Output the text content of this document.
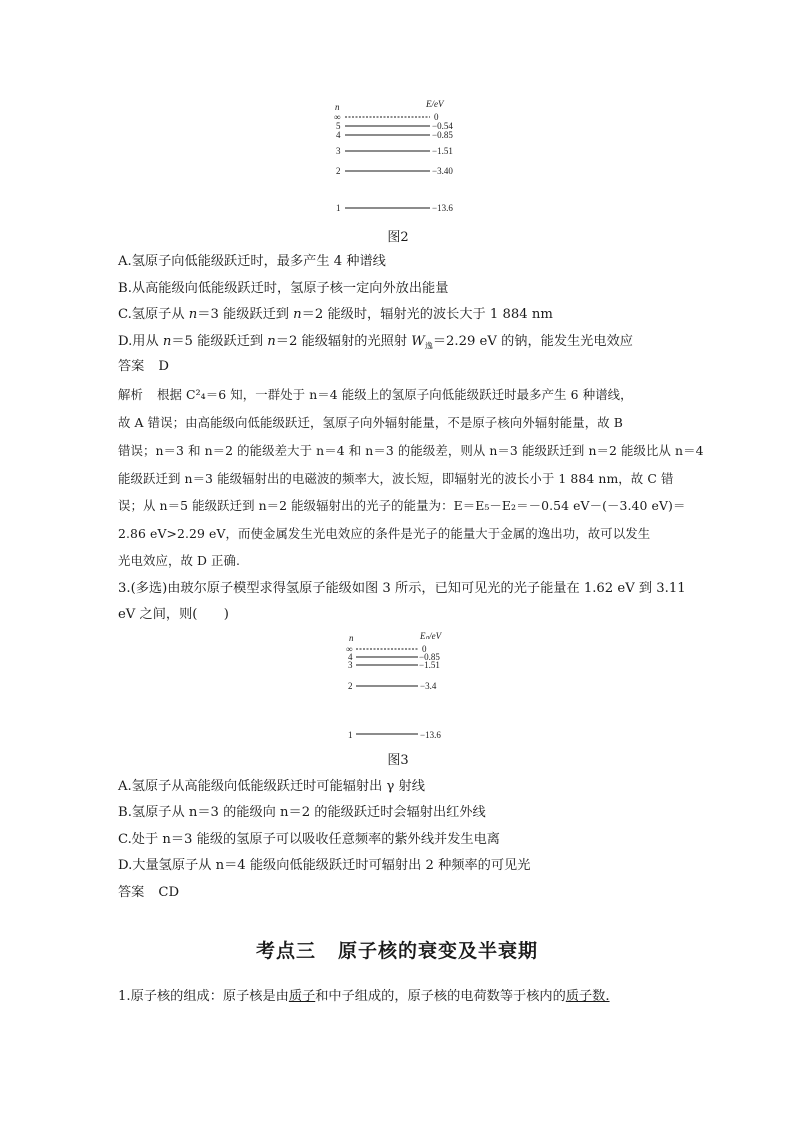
n	E/eV
∞	0
5	−0.54
4	−0.85
3	−1.51
2	−3.40
1	−13.6
图2
A.氢原子向低能级跃迁时，最多产生 4 种谱线
B.从高能级向低能级跃迁时，氢原子核一定向外放出能量
C.氢原子从 n＝3 能级跃迁到 n＝2 能级时，辐射光的波长大于 1 884 nm
D.用从 n＝5 能级跃迁到 n＝2 能级辐射的光照射 $W_逸=2.29$ eV 的钠，能发生光电效应
答案 D
解析 根据 C²₄＝6 知，一群处于 n＝4 能级上的氢原子向低能级跃迁时最多产生 6 种谱线，
故 A 错误；由高能级向低能级跃迁，氢原子向外辐射能量，不是原子核向外辐射能量，故 B
错误；n＝3 和 n＝2 的能级差大于 n＝4 和 n＝3 的能级差，则从 n＝3 能级跃迁到 n＝2 能级比从 n＝4
能级跃迁到 n＝3 能级辐射出的电磁波的频率大，波长短，即辐射光的波长小于 1 884 nm，故 C 错
误；从 n＝5 能级跃迁到 n＝2 能级辐射出的光子的能量为：E＝E₅－E₂＝－0.54 eV－(－3.40 eV)＝
2.86 eV>2.29 eV，而使金属发生光电效应的条件是光子的能量大于金属的逸出功，故可以发生
光电效应，故 D 正确.
3.(多选)由玻尔原子模型求得氢原子能级如图 3 所示，已知可见光的光子能量在 1.62 eV 到 3.11
eV 之间，则(　　)
n	Eₙ/eV
∞	0
4	−0.85
3	−1.51
2	−3.4
1	−13.6
图3
A.氢原子从高能级向低能级跃迁时可能辐射出 γ 射线
B.氢原子从 n＝3 的能级向 n＝2 的能级跃迁时会辐射出红外线
C.处于 n＝3 能级的氢原子可以吸收任意频率的紫外线并发生电离
D.大量氢原子从 n＝4 能级向低能级跃迁时可辐射出 2 种频率的可见光
答案 CD
考点三 原子核的衰变及半衰期
1.原子核的组成：原子核是由质子和中子组成的，原子核的电荷数等于核内的质子数.
